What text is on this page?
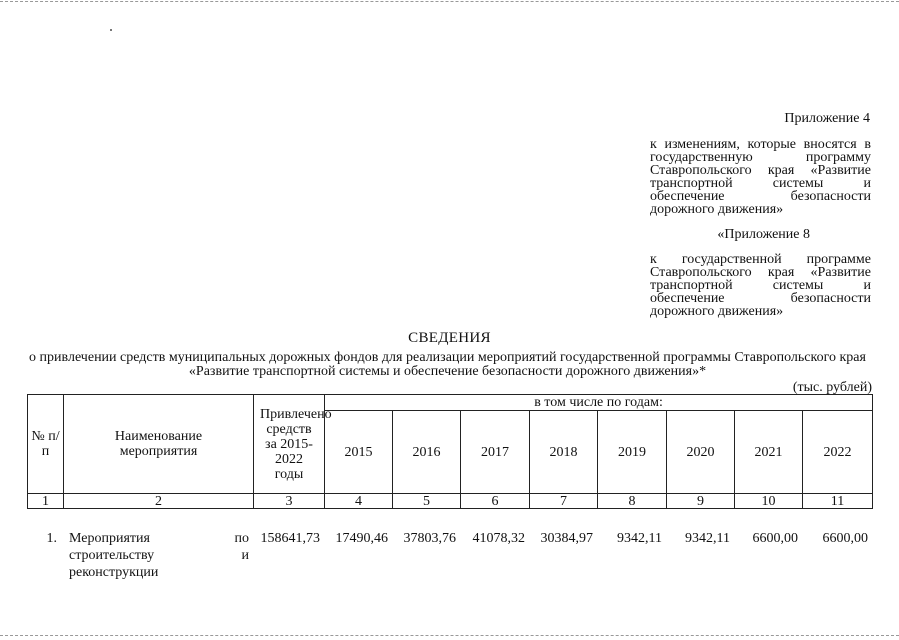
Приложение 4
к изменениям, которые вносятся в государственную программу Ставропольского края «Развитие транспортной системы и обеспечение безопасности дорожного движения»
«Приложение 8
к государственной программе Ставропольского края «Развитие транспортной системы и обеспечение безопасности дорожного движения»
СВЕДЕНИЯ
о привлечении средств муниципальных дорожных фондов для реализации мероприятий государственной программы Ставропольского края «Развитие транспортной системы и обеспечение безопасности дорожного движения»*
(тыс. рублей)
№ п/п	Наименование мероприятия	Привлечено средств за 2015-2022 годы	в том числе по годам:							
			2015	2016	2017	2018	2019	2020	2021	2022
1	2	3	4	5	6	7	8	9	10	11
1.	Мероприятия по строительству и реконструкции	158641,73	17490,46	37803,76	41078,32	30384,97	9342,11	9342,11	6600,00	6600,00
